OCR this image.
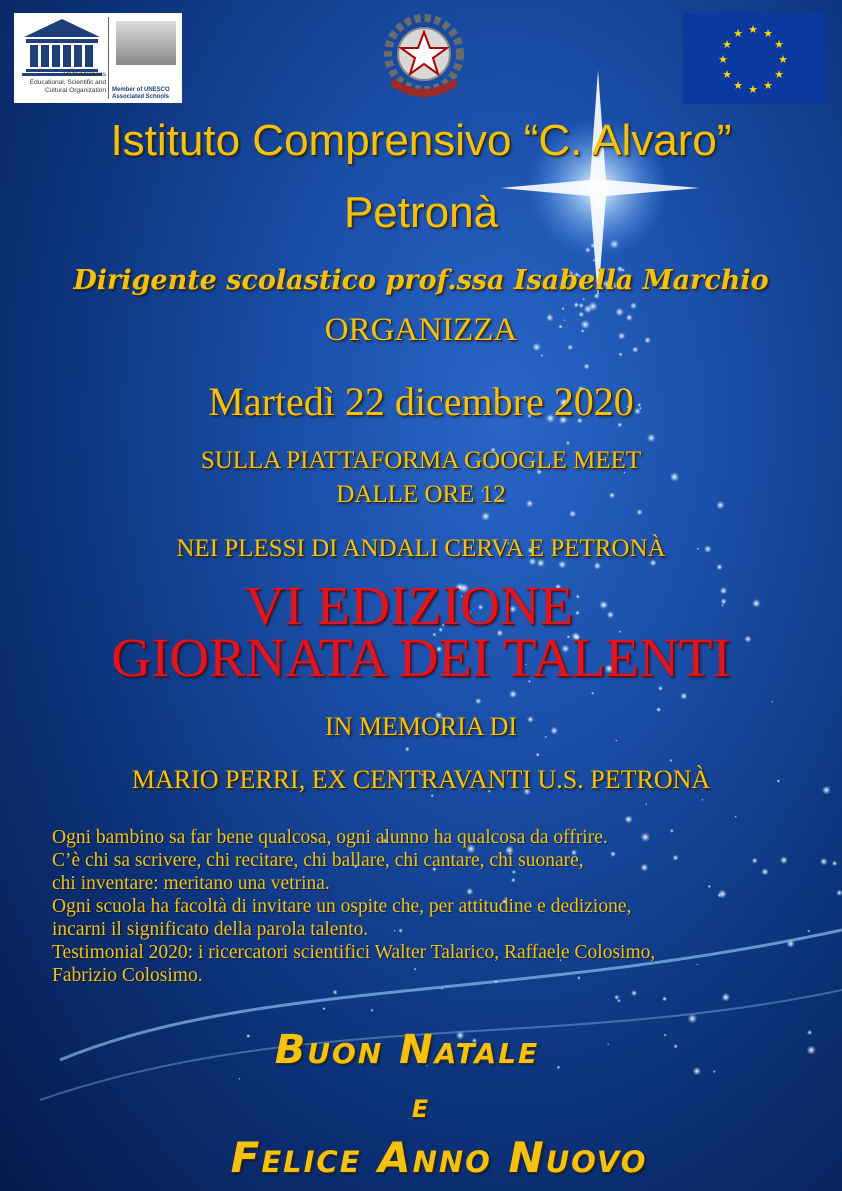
United Nations
Educational, Scientific and
Cultural Organization Member of UNESCO
Associated Schools
★
★
★
★
★
★
★
★
★ ★ ★
★
Istituto Comprensivo “C. Alvaro”
Petronà
Dirigente scolastico prof.ssa Isabella Marchio
ORGANIZZA
Martedì 22 dicembre 2020
SULLA PIATTAFORMA GOOGLE MEET
DALLE ORE 12
NEI PLESSI DI ANDALI CERVA E PETRONÀ
VI EDIZIONE
GIORNATA DEI TALENTI
IN MEMORIA DI
MARIO PERRI, EX CENTRAVANTI U.S. PETRONÀ
Ogni bambino sa far bene qualcosa, ogni alunno ha qualcosa da offrire.
C’è chi sa scrivere, chi recitare, chi ballare, chi cantare, chi suonare,
chi inventare: meritano una vetrina.
Ogni scuola ha facoltà di invitare un ospite che, per attitudine e dedizione,
incarni il significato della parola talento.
Testimonial 2020: i ricercatori scientifici Walter Talarico, Raffaele Colosimo,
Fabrizio Colosimo.
Buon Natale
e
Felice Anno Nuovo
